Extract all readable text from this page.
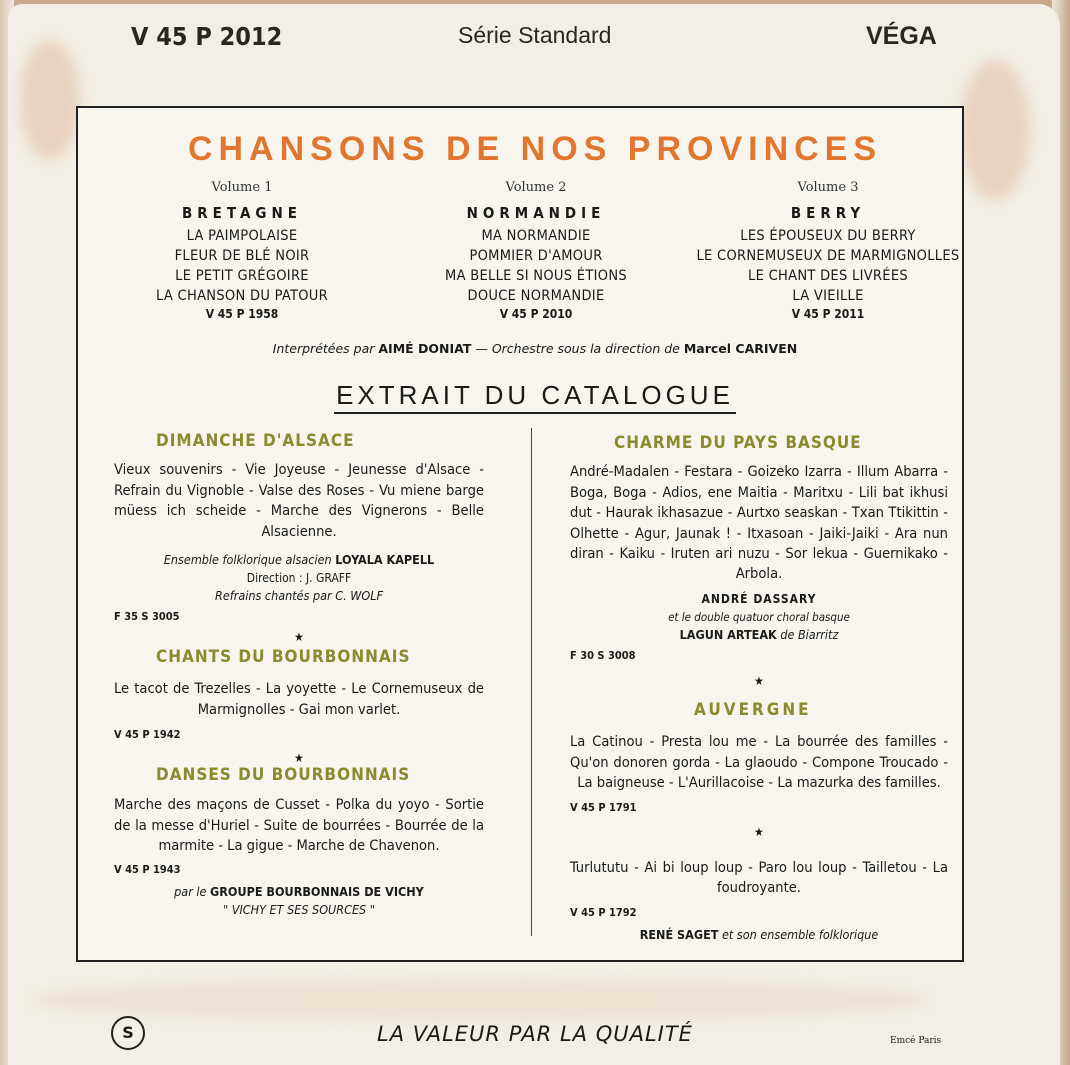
V 45 P 2012	Série Standard	VÉGA
CHANSONS DE NOS PROVINCES
Volume 1
BRETAGNE
LA PAIMPOLAISE
FLEUR DE BLÉ NOIR
LE PETIT GRÉGOIRE
LA CHANSON DU PATOUR
V 45 P 1958
Volume 2
NORMANDIE
MA NORMANDIE
POMMIER D'AMOUR
MA BELLE SI NOUS ÉTIONS
DOUCE NORMANDIE
V 45 P 2010
Volume 3
BERRY
LES ÉPOUSEUX DU BERRY
LE CORNEMUSEUX DE MARMIGNOLLES
LE CHANT DES LIVRÉES
LA VIEILLE
V 45 P 2011
Interprétées par AIMÉ DONIAT — Orchestre sous la direction de Marcel CARIVEN
EXTRAIT DU CATALOGUE
DIMANCHE D'ALSACE
Vieux souvenirs - Vie Joyeuse - Jeunesse d'Alsace - Refrain du Vignoble - Valse des Roses - Vu miene barge müess ich scheide - Marche des Vignerons - Belle Alsacienne.
Ensemble folklorique alsacien LOYALA KAPELL
Direction : J. GRAFF
Refrains chantés par C. WOLF
F 35 S 3005
★
CHANTS DU BOURBONNAIS
Le tacot de Trezelles - La yoyette - Le Cornemuseux de Marmignolles - Gai mon varlet.
V 45 P 1942
★
DANSES DU BOURBONNAIS
Marche des maçons de Cusset - Polka du yoyo - Sortie de la messe d'Huriel - Suite de bourrées - Bourrée de la marmite - La gigue - Marche de Chavenon.
V 45 P 1943
par le GROUPE BOURBONNAIS DE VICHY
" VICHY ET SES SOURCES "
CHARME DU PAYS BASQUE
André-Madalen - Festara - Goizeko Izarra - Illum Abarra - Boga, Boga - Adios, ene Maitia - Maritxu - Lili bat ikhusi dut - Haurak ikhasazue - Aurtxo seaskan - Txan Ttikittin - Olhette - Agur, Jaunak ! - Itxasoan - Jaiki-Jaiki - Ara nun diran - Kaiku - Iruten ari nuzu - Sor lekua - Guernikako - Arbola.
ANDRÉ DASSARY
et le double quatuor choral basque
LAGUN ARTEAK de Biarritz
F 30 S 3008
★
AUVERGNE
La Catinou - Presta lou me - La bourrée des familles - Qu'on donoren gorda - La glaoudo - Compone Troucado - La baigneuse - L'Aurillacoise - La mazurka des familles.
V 45 P 1791
★
Turlututu - Ai bi loup loup - Paro lou loup - Tailletou - La foudroyante.
V 45 P 1792
RENÉ SAGET et son ensemble folklorique
S	LA VALEUR PAR LA QUALITÉ	Emcé Paris
